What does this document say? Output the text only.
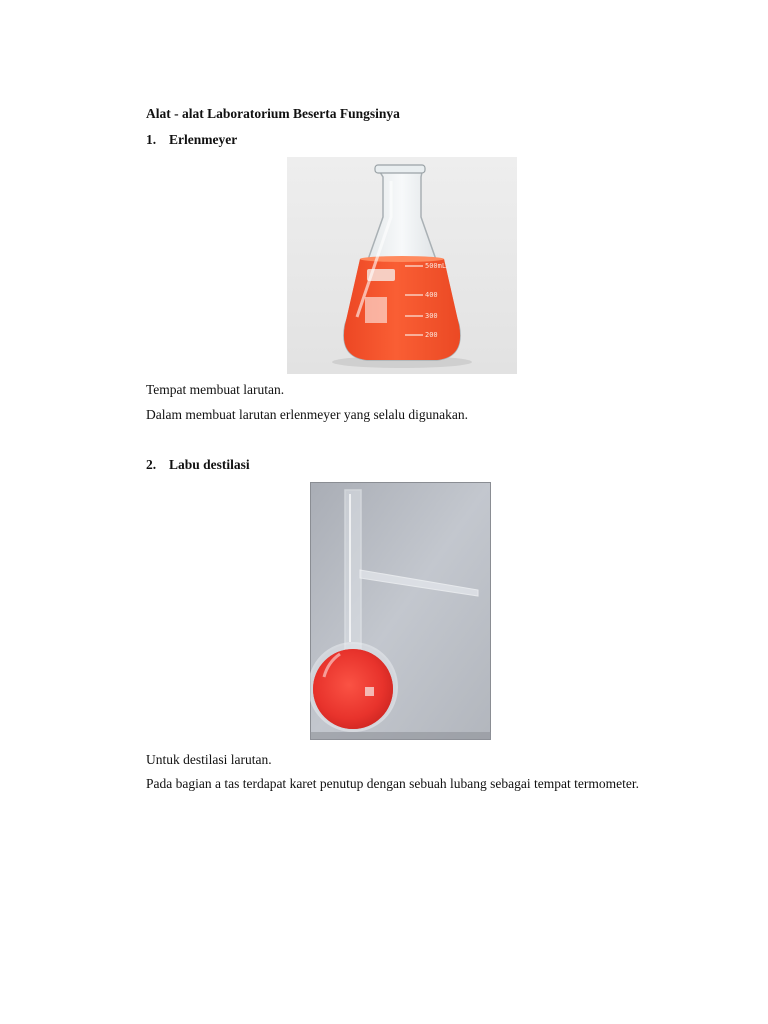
Alat - alat Laboratorium Beserta Fungsinya
1. Erlenmeyer
500mL
400
300
200

Tempat membuat larutan.

Dalam membuat larutan erlenmeyer yang selalu digunakan.

2. Labu destilasi

Untuk destilasi larutan.

Pada bagian a tas terdapat karet penutup dengan sebuah lubang sebagai tempat termometer.
